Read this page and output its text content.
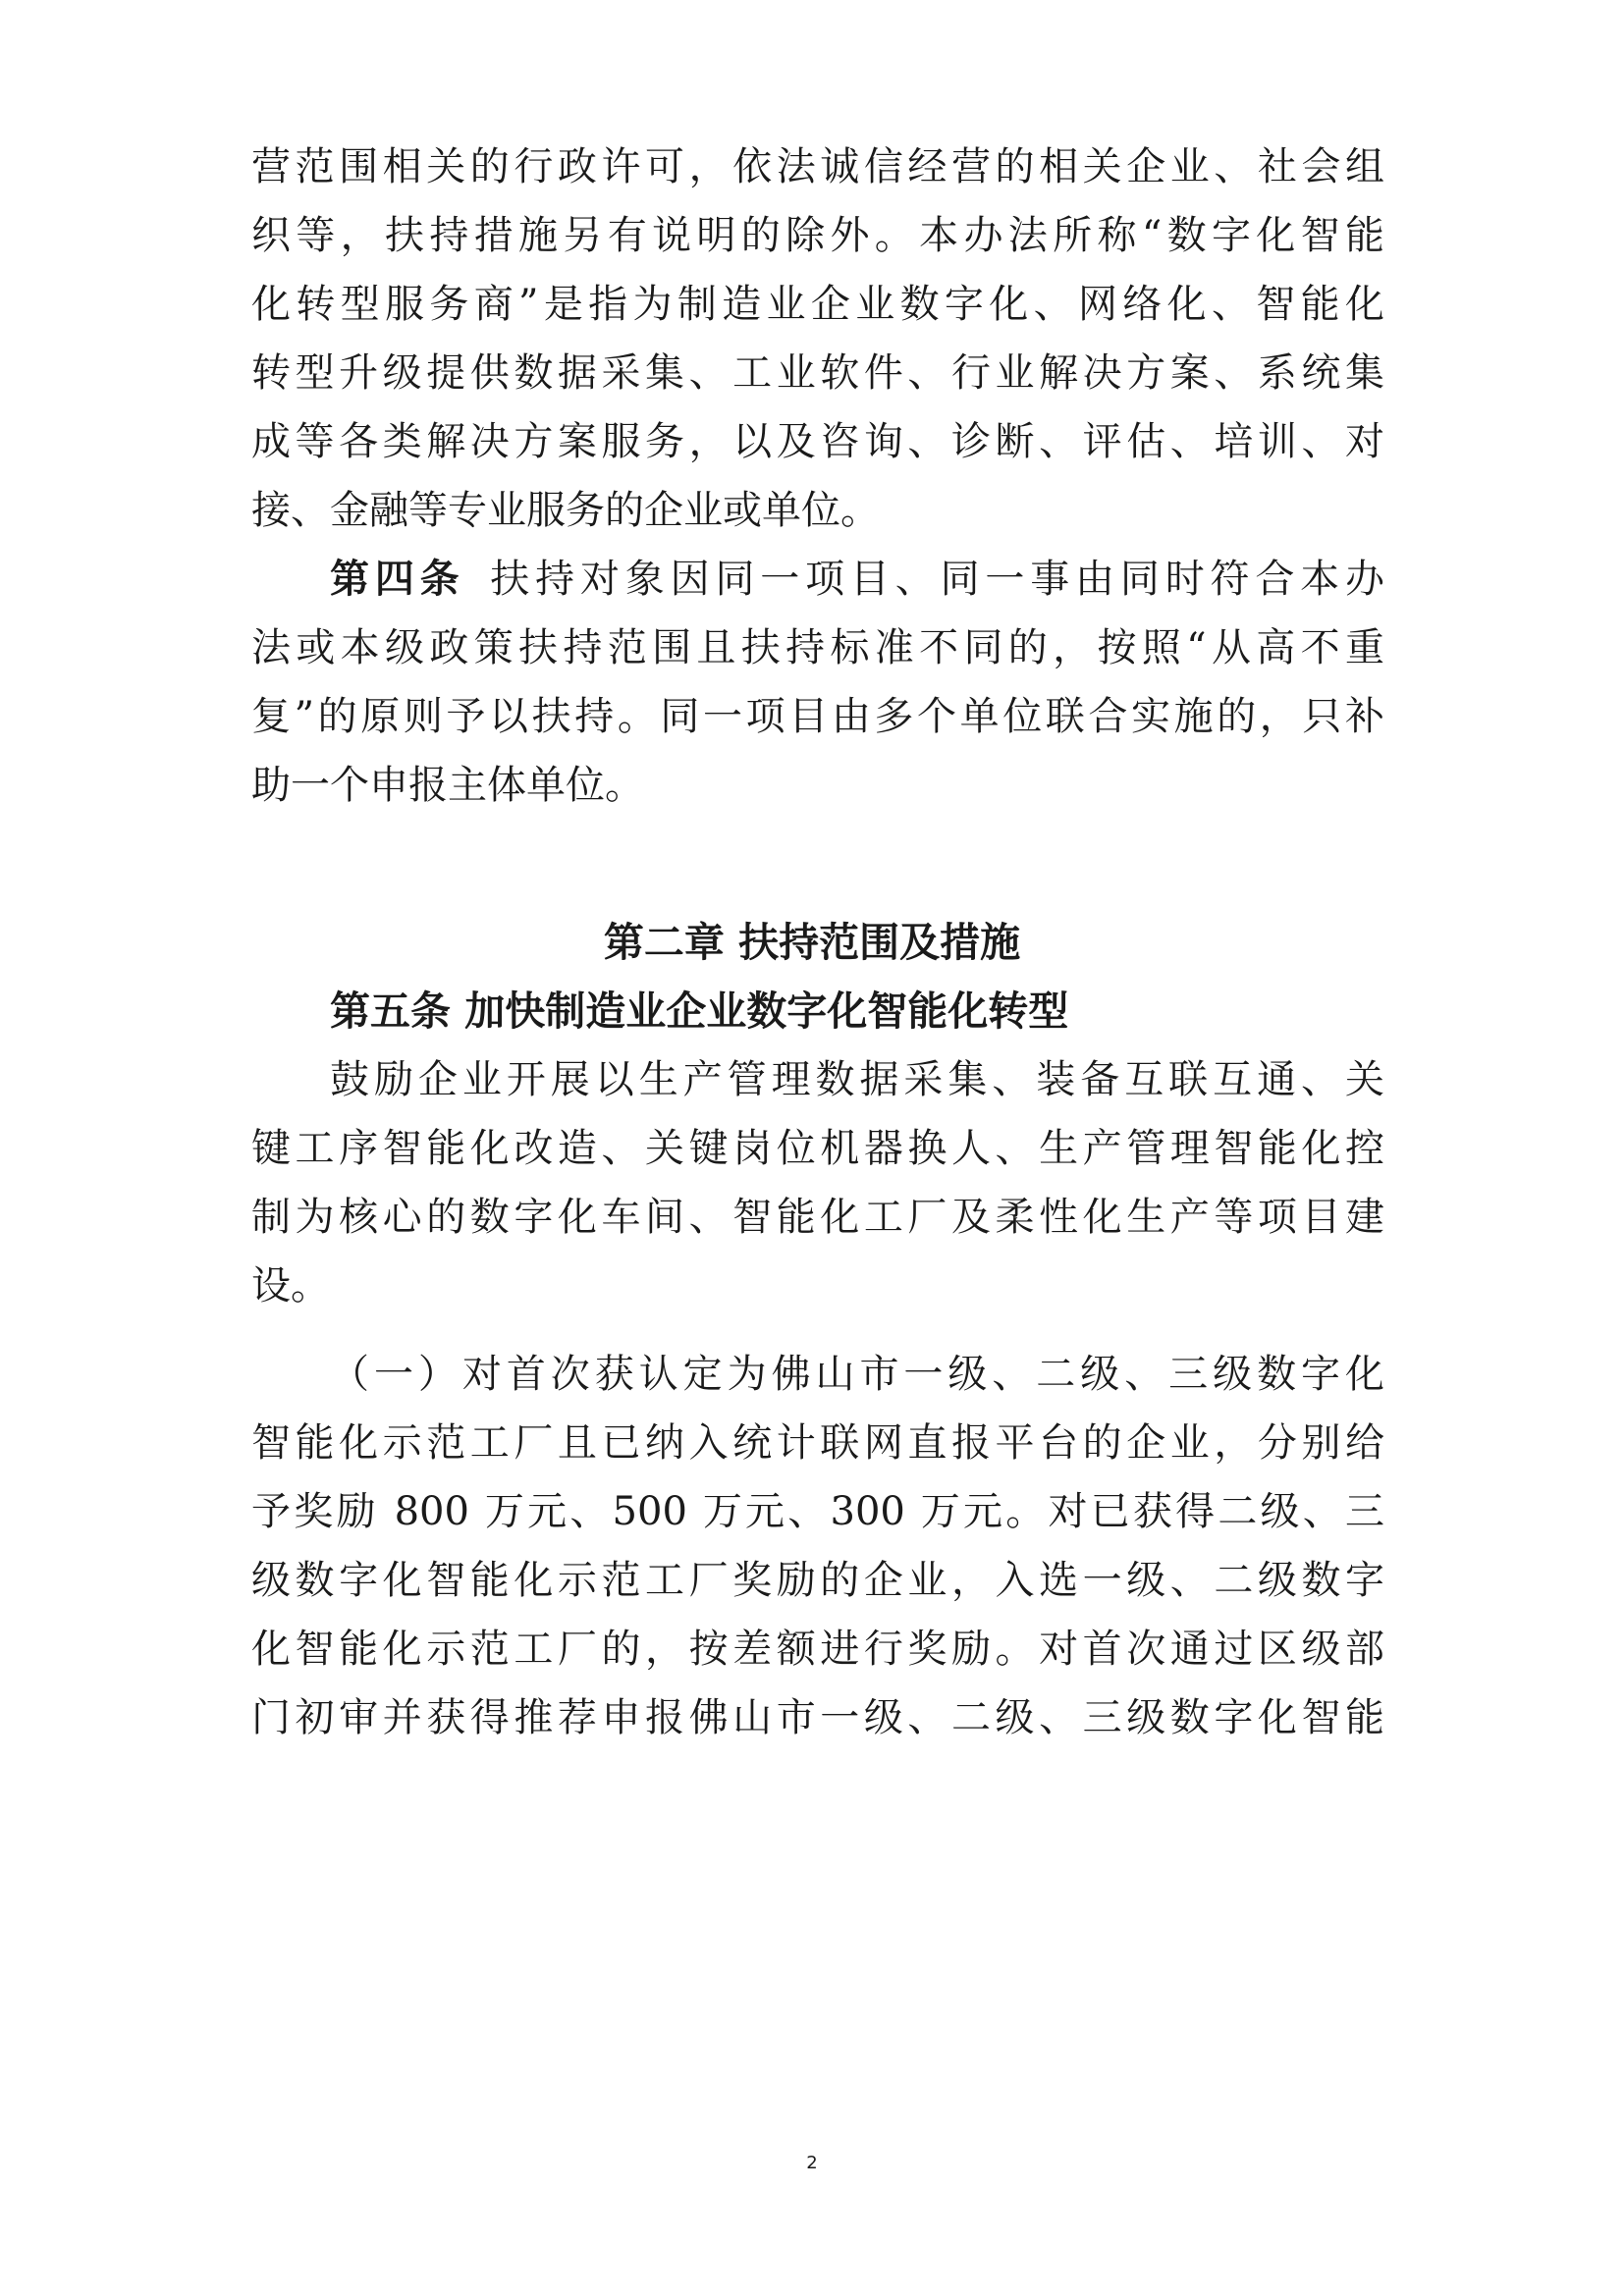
营范围相关的行政许可，依法诚信经营的相关企业、社会组
织等，扶持措施另有说明的除外。本办法所称“数字化智能
化转型服务商”是指为制造业企业数字化、网络化、智能化
转型升级提供数据采集、工业软件、行业解决方案、系统集
成等各类解决方案服务，以及咨询、诊断、评估、培训、对
接、金融等专业服务的企业或单位。
第四条 扶持对象因同一项目、同一事由同时符合本办
法或本级政策扶持范围且扶持标准不同的，按照“从高不重
复”的原则予以扶持。同一项目由多个单位联合实施的，只补
助一个申报主体单位。
第二章 扶持范围及措施
第五条 加快制造业企业数字化智能化转型
鼓励企业开展以生产管理数据采集、装备互联互通、关
键工序智能化改造、关键岗位机器换人、生产管理智能化控
制为核心的数字化车间、智能化工厂及柔性化生产等项目建
设。
（一）对首次获认定为佛山市一级、二级、三级数字化
智能化示范工厂且已纳入统计联网直报平台的企业，分别给
予奖励 800 万元、500 万元、300 万元。对已获得二级、三
级数字化智能化示范工厂奖励的企业，入选一级、二级数字
化智能化示范工厂的，按差额进行奖励。对首次通过区级部
门初审并获得推荐申报佛山市一级、二级、三级数字化智能
2
